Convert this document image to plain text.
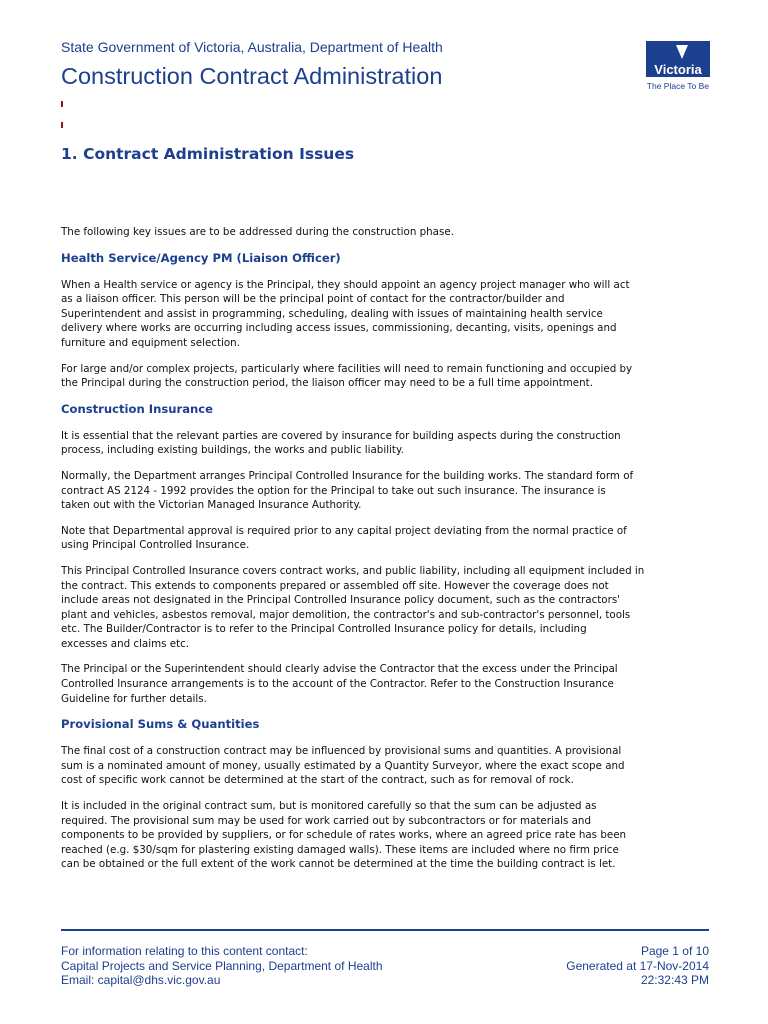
State Government of Victoria, Australia, Department of Health
Construction Contract Administration	Victoria
The Place To Be
1. Contract Administration Issues

The following key issues are to be addressed during the construction phase.

Health Service/Agency PM (Liaison Officer)

When a Health service or agency is the Principal, they should appoint an agency project manager who will act
as a liaison officer. This person will be the principal point of contact for the contractor/builder and
Superintendent and assist in programming, scheduling, dealing with issues of maintaining health service
delivery where works are occurring including access issues, commissioning, decanting, visits, openings and
furniture and equipment selection.

For large and/or complex projects, particularly where facilities will need to remain functioning and occupied by
the Principal during the construction period, the liaison officer may need to be a full time appointment.

Construction Insurance

It is essential that the relevant parties are covered by insurance for building aspects during the construction
process, including existing buildings, the works and public liability.

Normally, the Department arranges Principal Controlled Insurance for the building works. The standard form of
contract AS 2124 - 1992 provides the option for the Principal to take out such insurance. The insurance is
taken out with the Victorian Managed Insurance Authority.

Note that Departmental approval is required prior to any capital project deviating from the normal practice of
using Principal Controlled Insurance.

This Principal Controlled Insurance covers contract works, and public liability, including all equipment included in
the contract. This extends to components prepared or assembled off site. However the coverage does not
include areas not designated in the Principal Controlled Insurance policy document, such as the contractors'
plant and vehicles, asbestos removal, major demolition, the contractor's and sub-contractor's personnel, tools
etc. The Builder/Contractor is to refer to the Principal Controlled Insurance policy for details, including
excesses and claims etc.

The Principal or the Superintendent should clearly advise the Contractor that the excess under the Principal
Controlled Insurance arrangements is to the account of the Contractor. Refer to the Construction Insurance
Guideline for further details.

Provisional Sums & Quantities

The final cost of a construction contract may be influenced by provisional sums and quantities. A provisional
sum is a nominated amount of money, usually estimated by a Quantity Surveyor, where the exact scope and
cost of specific work cannot be determined at the start of the contract, such as for removal of rock.

It is included in the original contract sum, but is monitored carefully so that the sum can be adjusted as
required. The provisional sum may be used for work carried out by subcontractors or for materials and
components to be provided by suppliers, or for schedule of rates works, where an agreed price rate has been
reached (e.g. $30/sqm for plastering existing damaged walls). These items are included where no firm price
can be obtained or the full extent of the work cannot be determined at the time the building contract is let.

For information relating to this content contact:
Capital Projects and Service Planning, Department of Health
Email: capital@dhs.vic.gov.au
Page 1 of 10
Generated at 17-Nov-2014
22:32:43 PM
